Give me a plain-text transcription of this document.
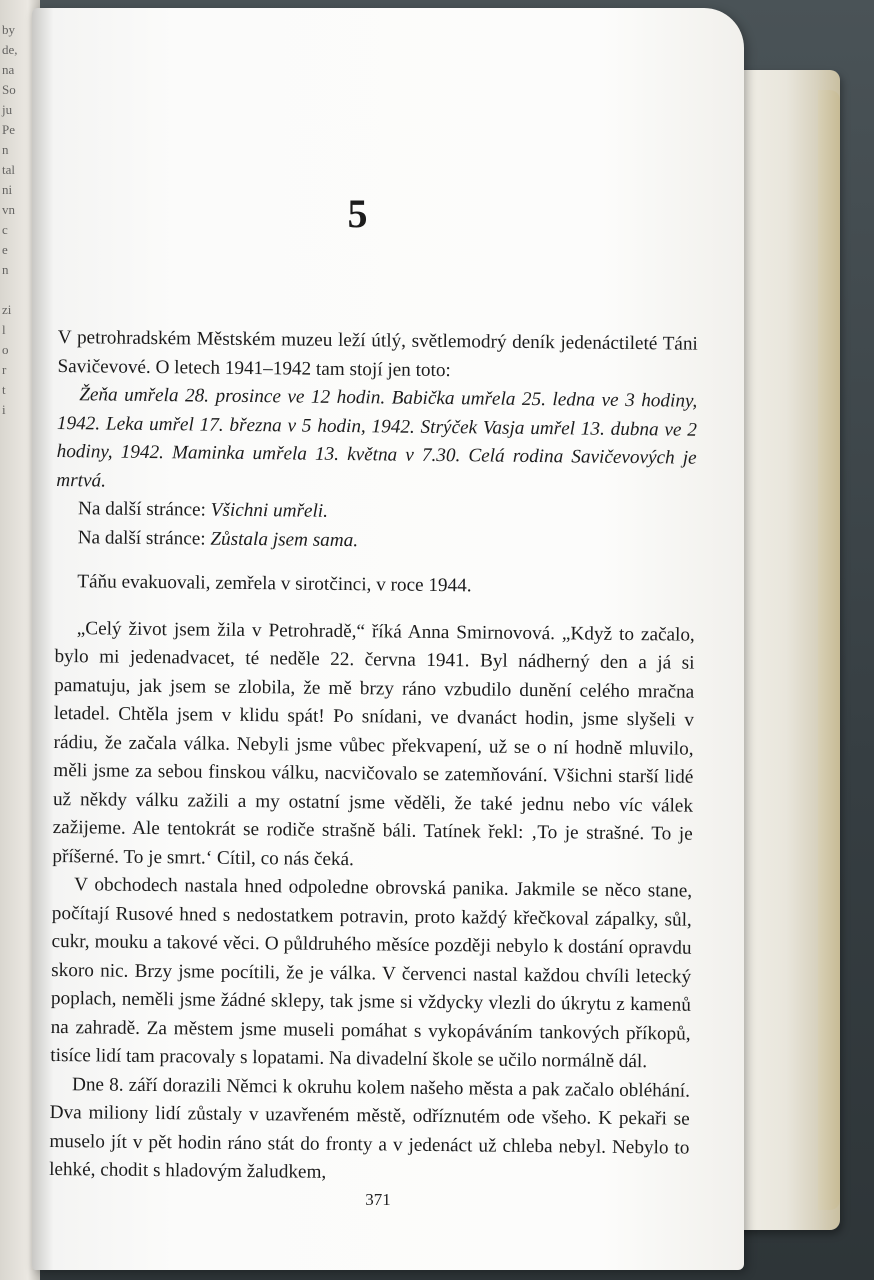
by
de,
na
So
ju
Pe
n
tal
ni
vn
c
e
n

zi
l
o
r
t
i
5

V petrohradském Městském muzeu leží útlý, světlemodrý deník jedenáctileté Táni Savičevové. O letech 1941–1942 tam stojí jen toto:

Žeňa umřela 28. prosince ve 12 hodin. Babička umřela 25. ledna ve 3 hodiny, 1942. Leka umřel 17. března v 5 hodin, 1942. Strýček Vasja umřel 13. dubna ve 2 hodiny, 1942. Maminka umřela 13. května v 7.30. Celá rodina Savičevových je mrtvá.

Na další stránce: Všichni umřeli.

Na další stránce: Zůstala jsem sama.

Táňu evakuovali, zemřela v sirotčinci, v roce 1944.

„Celý život jsem žila v Petrohradě,“ říká Anna Smirnovová. „Když to začalo, bylo mi jedenadvacet, té neděle 22. června 1941. Byl nádherný den a já si pamatuju, jak jsem se zlobila, že mě brzy ráno vzbudilo dunění celého mračna letadel. Chtěla jsem v klidu spát! Po snídani, ve dvanáct hodin, jsme slyšeli v rádiu, že začala válka. Nebyli jsme vůbec překvapení, už se o ní hodně mluvilo, měli jsme za sebou finskou válku, nacvičovalo se zatemňování. Všichni starší lidé už někdy válku zažili a my ostatní jsme věděli, že také jednu nebo víc válek zažijeme. Ale tentokrát se rodiče strašně báli. Tatínek řekl: ‚To je strašné. To je příšerné. To je smrt.‘ Cítil, co nás čeká.

V obchodech nastala hned odpoledne obrovská panika. Jakmile se něco stane, počítají Rusové hned s nedostatkem potravin, proto každý křečkoval zápalky, sůl, cukr, mouku a takové věci. O půldruhého měsíce později nebylo k dostání opravdu skoro nic. Brzy jsme pocítili, že je válka. V červenci nastal každou chvíli letecký poplach, neměli jsme žádné sklepy, tak jsme si vždycky vlezli do úkrytu z kamenů na zahradě. Za městem jsme museli pomáhat s vykopáváním tankových příkopů, tisíce lidí tam pracovaly s lopatami. Na divadelní škole se učilo normálně dál.

Dne 8. září dorazili Němci k okruhu kolem našeho města a pak začalo obléhání. Dva miliony lidí zůstaly v uzavřeném městě, odříznutém ode všeho. K pekaři se muselo jít v pět hodin ráno stát do fronty a v jedenáct už chleba nebyl. Nebylo to lehké, chodit s hladovým žaludkem,

371
